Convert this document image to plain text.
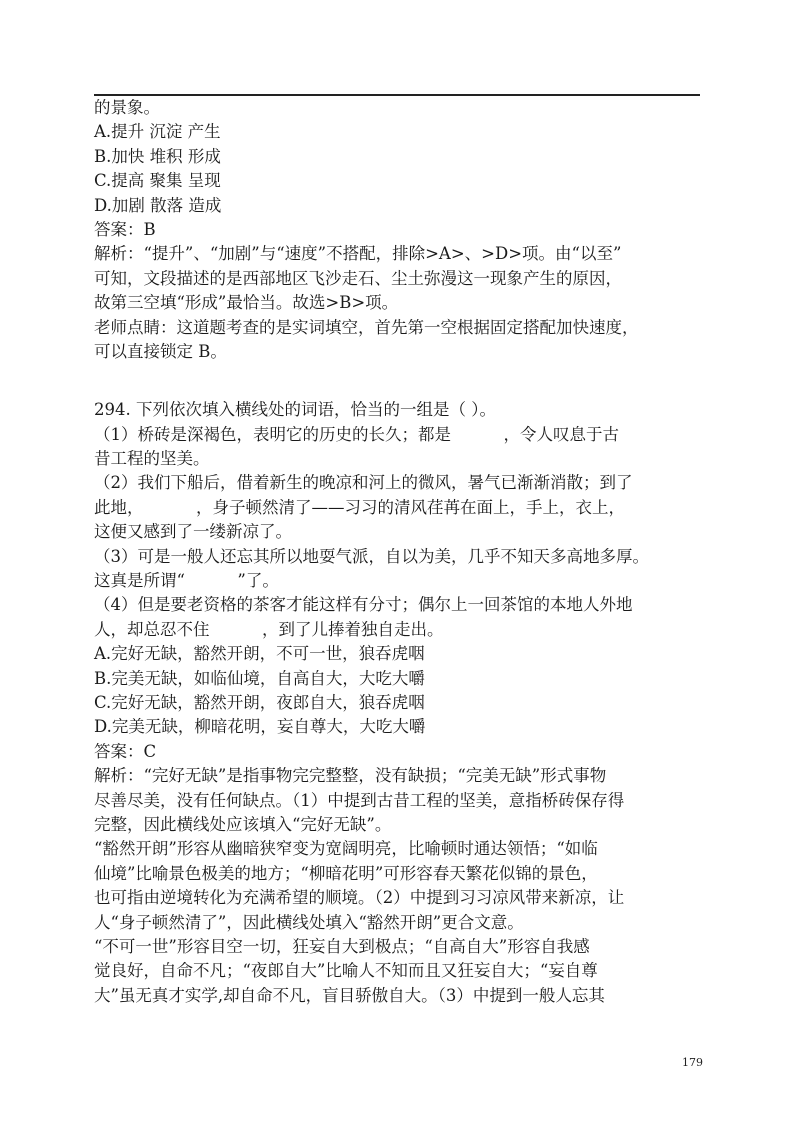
的景象。
A.提升 沉淀 产生
B.加快 堆积 形成
C.提高 聚集 呈现
D.加剧 散落 造成
答案：B
解析：“提升”、“加剧”与“速度”不搭配，排除>A>、>D>项。由“以至”
可知，文段描述的是西部地区飞沙走石、尘土弥漫这一现象产生的原因，
故第三空填“形成”最恰当。故选>B>项。
老师点睛：这道题考查的是实词填空，首先第一空根据固定搭配加快速度，
可以直接锁定 B。
294. 下列依次填入横线处的词语，恰当的一组是（ ）。
（1）桥砖是深褐色，表明它的历史的长久；都是          ，令人叹息于古
昔工程的坚美。
（2）我们下船后，借着新生的晚凉和河上的微风，暑气已渐渐消散；到了
此地，          ，身子顿然清了——习习的清风荏苒在面上，手上，衣上，
这便又感到了一缕新凉了。
（3）可是一般人还忘其所以地耍气派，自以为美，几乎不知天多高地多厚。
这真是所谓“          ”了。
（4）但是要老资格的茶客才能这样有分寸；偶尔上一回茶馆的本地人外地
人，却总忍不住          ，到了儿捧着独自走出。
A.完好无缺，豁然开朗，不可一世，狼吞虎咽
B.完美无缺，如临仙境，自高自大，大吃大嚼
C.完好无缺，豁然开朗，夜郎自大，狼吞虎咽
D.完美无缺，柳暗花明，妄自尊大，大吃大嚼
答案：C
解析：“完好无缺”是指事物完完整整，没有缺损；“完美无缺”形式事物
尽善尽美，没有任何缺点。（1）中提到古昔工程的坚美，意指桥砖保存得
完整，因此横线处应该填入“完好无缺”。
“豁然开朗”形容从幽暗狭窄变为宽阔明亮，比喻顿时通达领悟；“如临
仙境”比喻景色极美的地方；“柳暗花明”可形容春天繁花似锦的景色，
也可指由逆境转化为充满希望的顺境。（2）中提到习习凉风带来新凉，让
人“身子顿然清了”，因此横线处填入“豁然开朗”更合文意。
“不可一世”形容目空一切，狂妄自大到极点；“自高自大”形容自我感
觉良好，自命不凡；“夜郎自大”比喻人不知而且又狂妄自大；“妄自尊
大”虽无真才实学,却自命不凡，盲目骄傲自大。（3）中提到一般人忘其
179
